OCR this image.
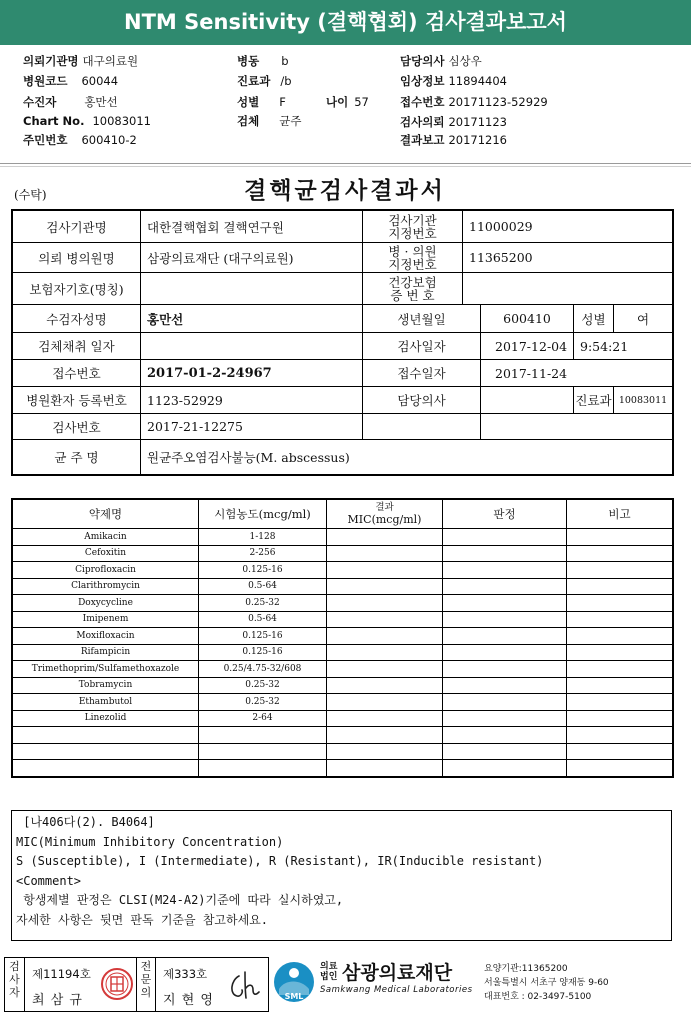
NTM Sensitivity (결핵협회) 검사결과보고서
의뢰기관명 대구의료원	병동 b	담당의사 심상우
병원코드 60044	진료과 /b	임상정보 11894404
수진자 홍만선	성별 F	나이 57	접수번호 20171123-52929
Chart No. 10083011	검체 균주	검사의뢰 20171123
주민번호 600410-2	결과보고 20171216
(수탁)	결핵균검사결과서
검사기관명	대한결핵협회 결핵연구원	검사기관
지정번호	11000029			
의뢰 병의원명	삼광의료재단 (대구의료원)	병 · 의원
지정번호	11365200			
보험자기호(명칭)		건강보험
증 번 호				

수검자성명	홍만선	생년월일		600410	성별	여
검체채취 일자		검사일자		2017-12-04	9:54:21	
접수번호	2017-01-2-24967	접수일자		2017-11-24		
병원환자 등록번호	1123-52929	담당의사			진료과	10083011
검사번호	2017-21-12275					
균 주 명	원균주오염검사불능(M. abscessus)					
약제명	시험농도(mcg/ml)	결과
MIC(mcg/ml)	판정	비고
Amikacin	1-128			
Cefoxitin	2-256			
Ciprofloxacin	0.125-16			
Clarithromycin	0.5-64			
Doxycycline	0.25-32			
Imipenem	0.5-64			
Moxifloxacin	0.125-16			
Rifampicin	0.125-16			
Trimethoprim/Sulfamethoxazole	0.25/4.75-32/608			
Tobramycin	0.25-32			
Ethambutol	0.25-32			
Linezolid	2-64			

[나406다(2). B4064]
MIC(Minimum Inhibitory Concentration)
S (Susceptible), I (Intermediate), R (Resistant), IR(Inducible resistant)
<Comment>
항생제별 판정은 CLSI(M24-A2)기준에 따라 실시하였고,
자세한 사항은 뒷면 판독 기준을 참고하세요.
검
사
자
제11194호
최 삼 규
전
문
의
제333호
지 현 영	SML
의료
법인 삼광의료재단
Samkwang Medical Laboratories
요양기관:11365200
서울특별시 서초구 양재동 9-60
대표번호 : 02-3497-5100
